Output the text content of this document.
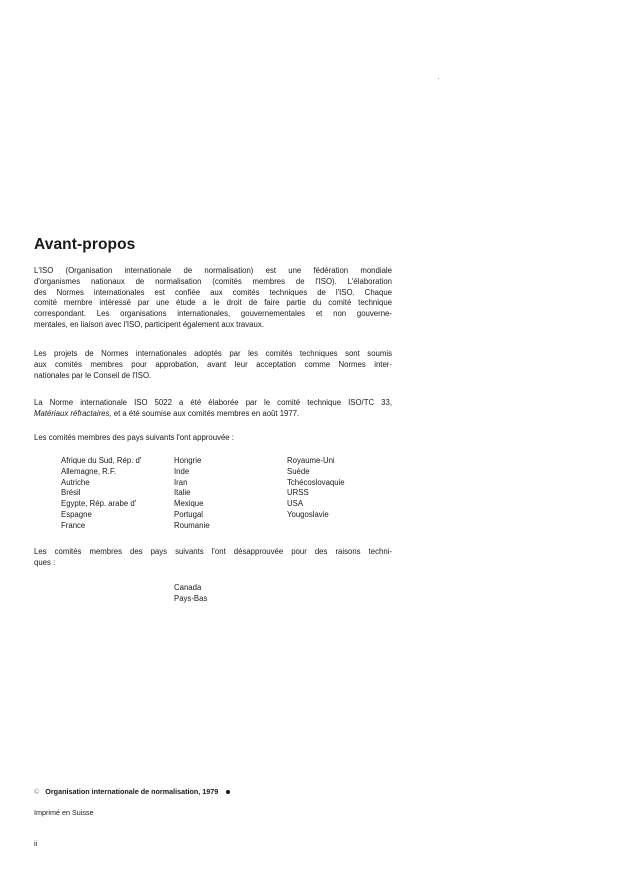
Avant-propos

L'ISO (Organisation internationale de normalisation) est une fédération mondiale
d'organismes nationaux de normalisation (comités membres de l'ISO). L'élaboration
des Normes internationales est confiée aux comités techniques de l'ISO. Chaque
comité membre intéressé par une étude a le droit de faire partie du comité technique
correspondant. Les organisations internationales, gouvernementales et non gouverne-
mentales, en liaison avec l'ISO, participent également aux travaux.

Les projets de Normes internationales adoptés par les comités techniques sont soumis
aux comités membres pour approbation, avant leur acceptation comme Normes inter-
nationales par le Conseil de l'ISO.

La Norme internationale ISO 5022 a été élaborée par le comité technique ISO/TC 33,
Matériaux réfractaires, et a été soumise aux comités membres en août 1977.

Les comités membres des pays suivants l'ont approuvée :

Afrique du Sud, Rép. d'
Allemagne, R.F.
Autriche
Brésil
Egypte, Rép. arabe d'
Espagne
France
Hongrie
Inde
Iran
Italie
Mexique
Portugal
Roumanie
Royaume-Uni
Suède
Tchécoslovaquie
URSS
USA
Yougoslavie

Les comités membres des pays suivants l'ont désapprouvée pour des raisons techni-
ques :

Canada
Pays-Bas
© Organisation internationale de normalisation, 1979
Imprimé en Suisse
ii
